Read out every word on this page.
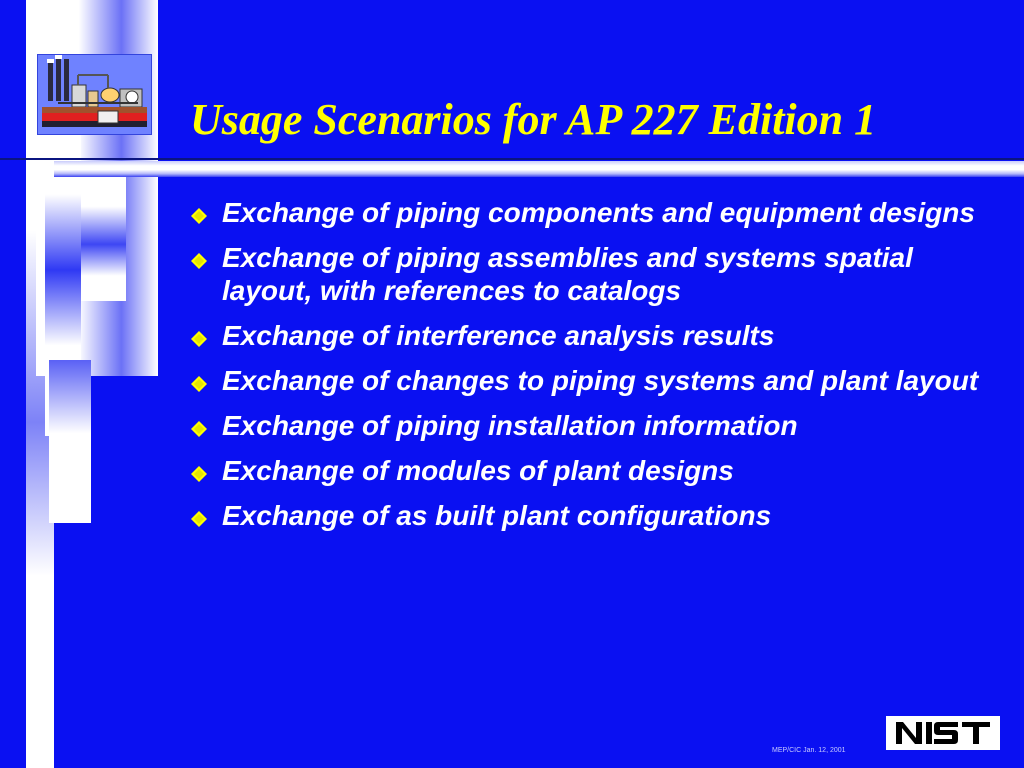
Usage Scenarios for AP 227 Edition 1
Exchange of piping components and equipment designs
Exchange of piping assemblies and systems spatial layout, with references to catalogs
Exchange of interference analysis results
Exchange of changes to piping systems and plant layout
Exchange of piping installation information
Exchange of modules of plant designs
Exchange of as built plant configurations
MEP/CIC Jan. 12, 2001
